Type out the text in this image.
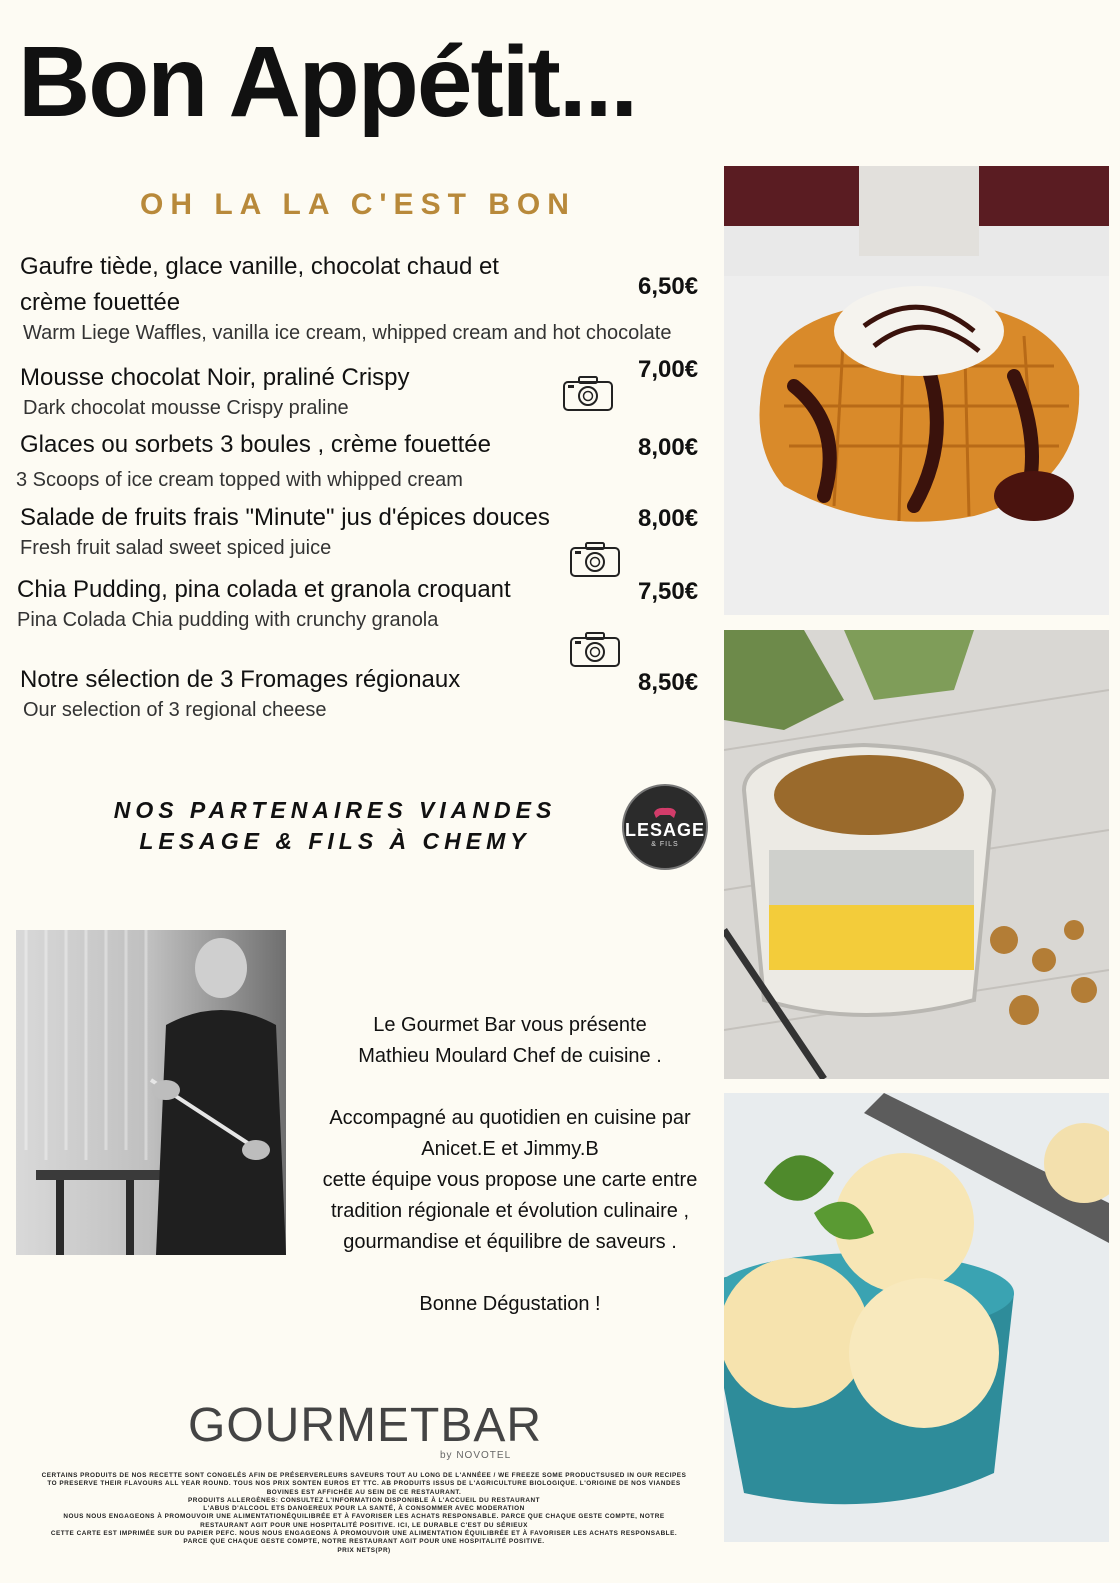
Bon Appétit...
OH LA LA C'EST BON
Gaufre tiède, glace vanille, chocolat chaud et
crème fouettée
Warm Liege Waffles, vanilla ice cream, whipped cream and hot chocolate
6,50€
Mousse chocolat Noir, praliné Crispy
Dark chocolat mousse Crispy praline
7,00€
Glaces ou sorbets 3 boules , crème fouettée
3 Scoops of ice cream topped with whipped cream
8,00€
Salade de fruits frais "Minute" jus d'épices douces
Fresh fruit salad sweet spiced juice
8,00€
Chia Pudding, pina colada et granola croquant
Pina Colada Chia pudding with crunchy granola
7,50€
Notre sélection de 3 Fromages régionaux
Our selection of 3 regional cheese
8,50€
NOS PARTENAIRES VIANDES
LESAGE & FILS À CHEMY	LESAGE
& FILS

Le Gourmet Bar vous présente

Mathieu Moulard Chef de cuisine .

Accompagné au quotidien en cuisine par

Anicet.E et Jimmy.B

cette équipe vous propose une carte entre

tradition régionale et évolution culinaire ,

gourmandise et équilibre de saveurs .

Bonne Dégustation !

GOURMETBAR
by NOVOTEL
CERTAINS PRODUITS DE NOS RECETTE SONT CONGELÉS AFIN DE PRÉSERVERLEURS SAVEURS TOUT AU LONG DE L'ANNÉEE / WE FREEZE SOME PRODUCTSUSED IN OUR RECIPES
TO PRESERVE THEIR FLAVOURS ALL YEAR ROUND. TOUS NOS PRIX SONTEN EUROS ET TTC. AB PRODUITS ISSUS DE L'AGRICULTURE BIOLOGIQUE. L'ORIGINE DE NOS VIANDES
BOVINES EST AFFICHÉE AU SEIN DE CE RESTAURANT.
PRODUITS ALLERGÈNES: CONSULTEZ L'INFORMATION DISPONIBLE À L'ACCUEIL DU RESTAURANT
L'ABUS D'ALCOOL ETS DANGEREUX POUR LA SANTÉ, À CONSOMMER AVEC MODERATION
NOUS NOUS ENGAGEONS À PROMOUVOIR UNE ALIMENTATIONÉQUILIBRÉE ET À FAVORISER LES ACHATS RESPONSABLE. PARCE QUE CHAQUE GESTE COMPTE, NOTRE
RESTAURANT AGIT POUR UNE HOSPITALITÉ POSITIVE. ICI, LE DURABLE C'EST DU SÉRIEUX
CETTE CARTE EST IMPRIMÉE SUR DU PAPIER PEFC. NOUS NOUS ENGAGEONS À PROMOUVOIR UNE ALIMENTATION ÉQUILIBRÉE ET À FAVORISER LES ACHATS RESPONSABLE.
PARCE QUE CHAQUE GESTE COMPTE, NOTRE RESTAURANT AGIT POUR UNE HOSPITALITÉ POSITIVE.
PRIX NETS(PR)
